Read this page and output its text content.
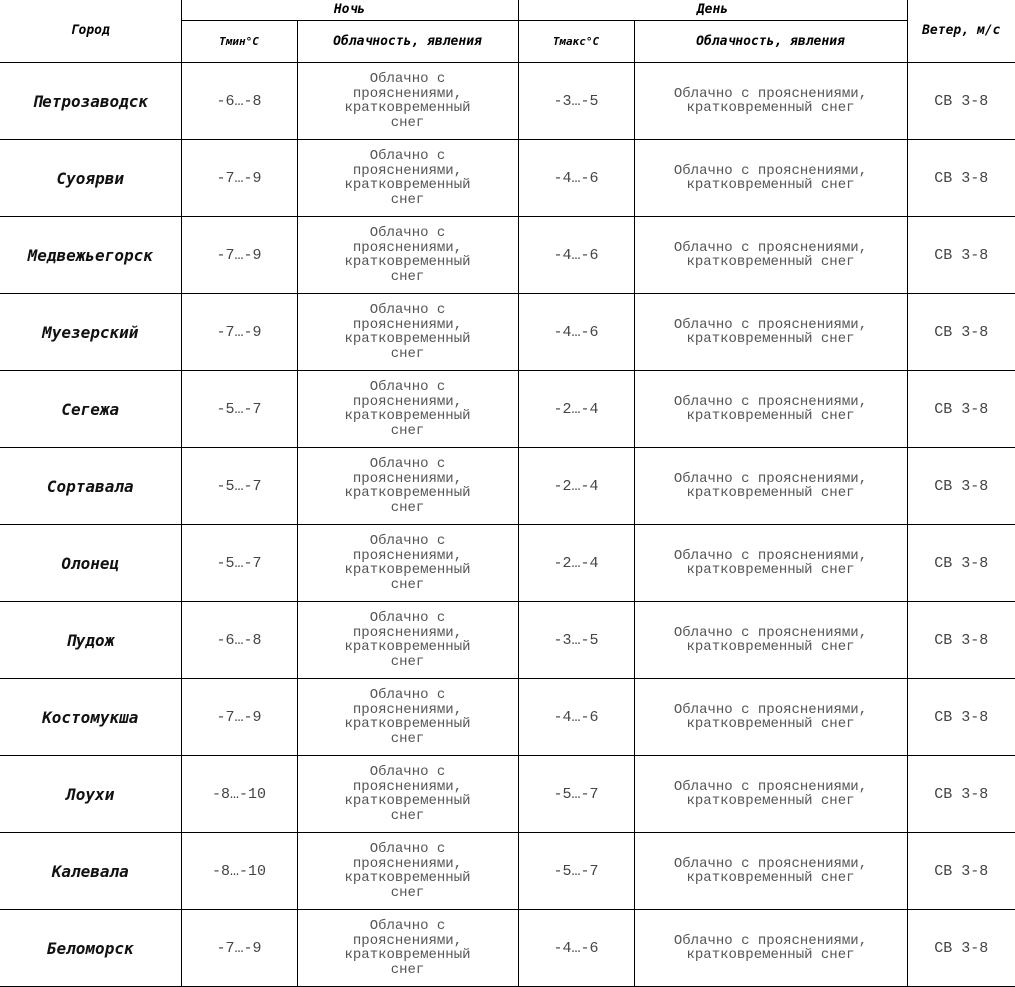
Город	Ночь		День		Ветер, м/с
	Тмин°C	Облачность, явления	Тмакс°C	Облачность, явления	
Петрозаводск	-6…-8	Облачно с
прояснениями,
кратковременный
снег	-3…-5	Облачно с прояснениями,
кратковременный снег	СВ 3-8
Суоярви	-7…-9	Облачно с
прояснениями,
кратковременный
снег	-4…-6	Облачно с прояснениями,
кратковременный снег	СВ 3-8
Медвежьегорск	-7…-9	Облачно с
прояснениями,
кратковременный
снег	-4…-6	Облачно с прояснениями,
кратковременный снег	СВ 3-8
Муезерский	-7…-9	Облачно с
прояснениями,
кратковременный
снег	-4…-6	Облачно с прояснениями,
кратковременный снег	СВ 3-8
Сегежа	-5…-7	Облачно с
прояснениями,
кратковременный
снег	-2…-4	Облачно с прояснениями,
кратковременный снег	СВ 3-8
Сортавала	-5…-7	Облачно с
прояснениями,
кратковременный
снег	-2…-4	Облачно с прояснениями,
кратковременный снег	СВ 3-8
Олонец	-5…-7	Облачно с
прояснениями,
кратковременный
снег	-2…-4	Облачно с прояснениями,
кратковременный снег	СВ 3-8
Пудож	-6…-8	Облачно с
прояснениями,
кратковременный
снег	-3…-5	Облачно с прояснениями,
кратковременный снег	СВ 3-8
Костомукша	-7…-9	Облачно с
прояснениями,
кратковременный
снег	-4…-6	Облачно с прояснениями,
кратковременный снег	СВ 3-8
Лоухи	-8…-10	Облачно с
прояснениями,
кратковременный
снег	-5…-7	Облачно с прояснениями,
кратковременный снег	СВ 3-8
Калевала	-8…-10	Облачно с
прояснениями,
кратковременный
снег	-5…-7	Облачно с прояснениями,
кратковременный снег	СВ 3-8
Беломорск	-7…-9	Облачно с
прояснениями,
кратковременный
снег	-4…-6	Облачно с прояснениями,
кратковременный снег	СВ 3-8
